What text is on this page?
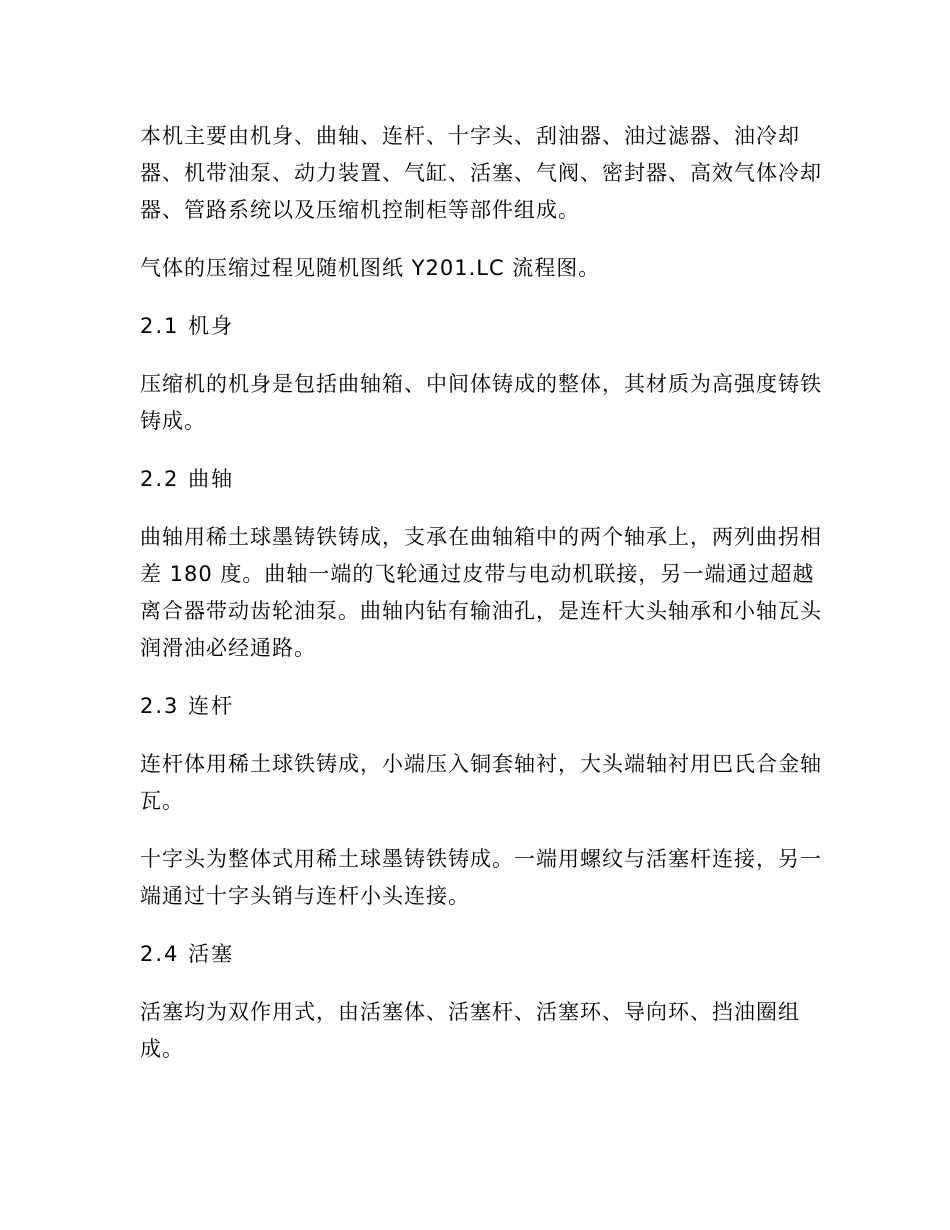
本机主要由机身、曲轴、连杆、十字头、刮油器、油过滤器、油冷却器、机带油泵、动力装置、气缸、活塞、气阀、密封器、高效气体冷却器、管路系统以及压缩机控制柜等部件组成。

气体的压缩过程见随机图纸 Y201.LC 流程图。

2.1 机身

压缩机的机身是包括曲轴箱、中间体铸成的整体，其材质为高强度铸铁铸成。

2.2 曲轴

曲轴用稀土球墨铸铁铸成，支承在曲轴箱中的两个轴承上，两列曲拐相差 180 度。曲轴一端的飞轮通过皮带与电动机联接，另一端通过超越离合器带动齿轮油泵。曲轴内钻有输油孔，是连杆大头轴承和小轴瓦头润滑油必经通路。

2.3 连杆

连杆体用稀土球铁铸成，小端压入铜套轴衬，大头端轴衬用巴氏合金轴瓦。

十字头为整体式用稀土球墨铸铁铸成。一端用螺纹与活塞杆连接，另一端通过十字头销与连杆小头连接。

2.4 活塞

活塞均为双作用式，由活塞体、活塞杆、活塞环、导向环、挡油圈组成。
